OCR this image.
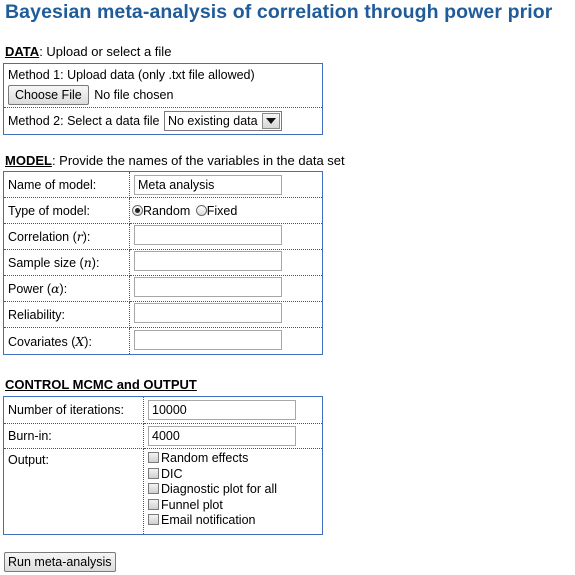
Bayesian meta-analysis of correlation through power prior
DATA: Upload or select a file
Method 1: Upload data (only .txt file allowed)
Choose File No file chosen

Method 2: Select a data file No existing data
MODEL: Provide the names of the variables in the data set
Name of model:	Meta analysis
Type of model:	Random Fixed
Correlation (r):	
Sample size (n):	
Power (α):	
Reliability:	
Covariates (X):	
CONTROL MCMC and OUTPUT
Number of iterations:	10000
Burn-in:	4000
Output:	Random effects
DIC
Diagnostic plot for all
Funnel plot
Email notification
Run meta-analysis
